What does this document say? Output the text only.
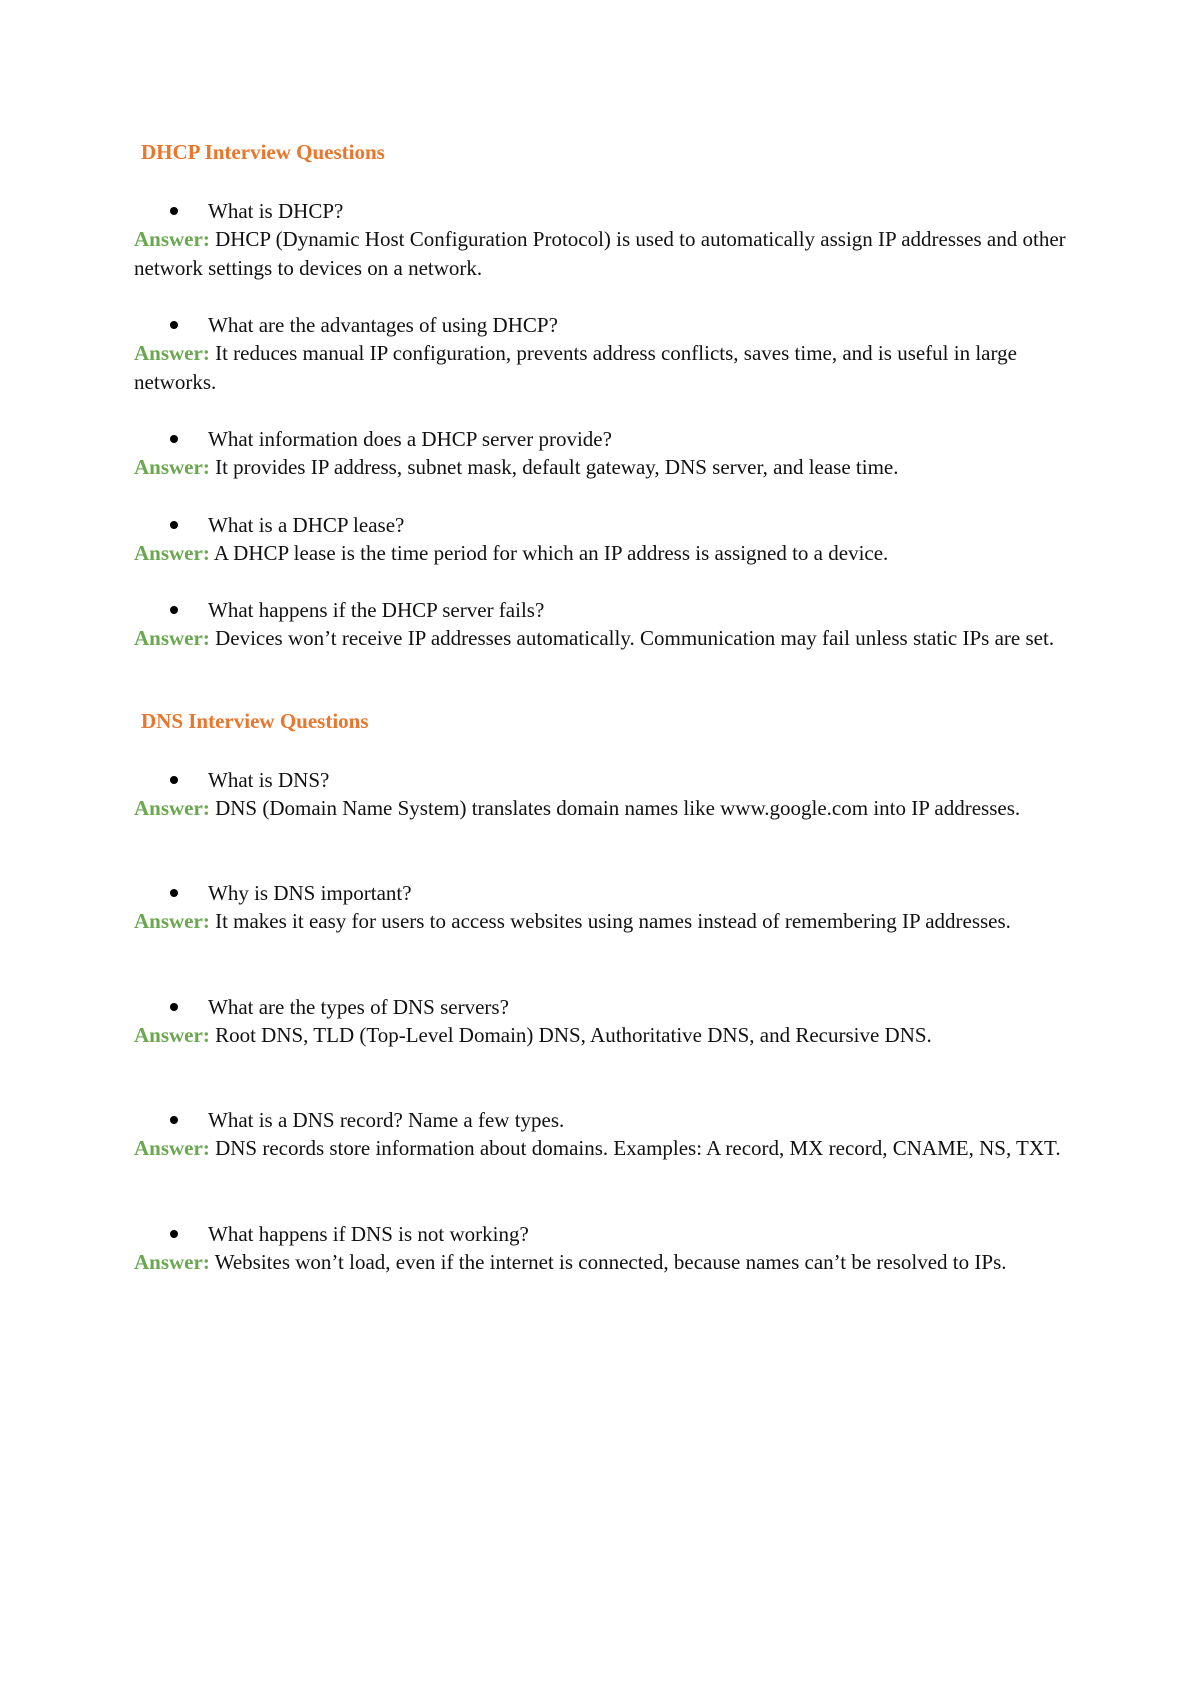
DHCP Interview Questions
What is DHCP?
Answer: DHCP (Dynamic Host Configuration Protocol) is used to automatically assign IP addresses and other network settings to devices on a network.
What are the advantages of using DHCP?
Answer: It reduces manual IP configuration, prevents address conflicts, saves time, and is useful in large networks.
What information does a DHCP server provide?
Answer: It provides IP address, subnet mask, default gateway, DNS server, and lease time.
What is a DHCP lease?
Answer: A DHCP lease is the time period for which an IP address is assigned to a device.
What happens if the DHCP server fails?
Answer: Devices won’t receive IP addresses automatically. Communication may fail unless static IPs are set.
DNS Interview Questions
What is DNS?
Answer: DNS (Domain Name System) translates domain names like www.google.com into IP addresses.
Why is DNS important?
Answer: It makes it easy for users to access websites using names instead of remembering IP addresses.
What are the types of DNS servers?
Answer: Root DNS, TLD (Top-Level Domain) DNS, Authoritative DNS, and Recursive DNS.
What is a DNS record? Name a few types.
Answer: DNS records store information about domains. Examples: A record, MX record, CNAME, NS, TXT.
What happens if DNS is not working?
Answer: Websites won’t load, even if the internet is connected, because names can’t be resolved to IPs.
